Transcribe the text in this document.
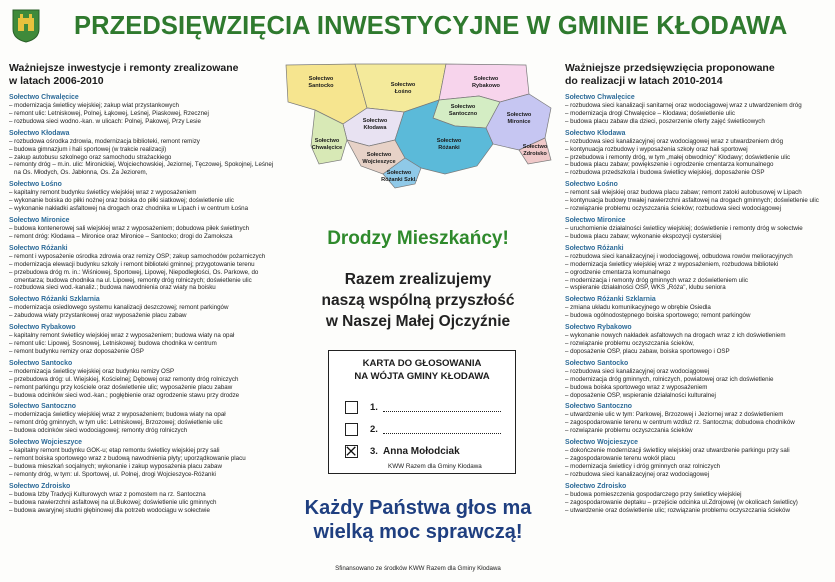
PRZEDSIĘWZIĘCIA INWESTYCYJNE W GMINIE KŁODAWA
Ważniejsze inwestycje i remonty zrealizowane
w latach 2006-2010
Sołectwo Chwalęcice
– modernizacja świetlicy wiejskiej; zakup wiat przystankowych
– remont ulic: Letniskowej, Polnej, Łąkowej, Leśnej, Piaskowej, Rzecznej
– rozbudowa sieci wodno.-kan. w ulicach: Polnej, Pakowej, Przy Lesie
Sołectwo Kłodawa
– rozbudowa ośrodka zdrowia, modernizacja biblioteki, remont remizy
– budowa gimnazjum i hali sportowej (w trakcie realizacji)
– zakup autobusu szkolnego oraz samochodu strażackiego
– remonty dróg – m.in. ulic: Mironickiej, Wojciechowskiej, Jeziornej, Tęczowej, Spokojnej, Leśnej na Os. Młodych, Os. Jabłonna, Os. Za Jeziorem,
Sołectwo Łośno
– kapitalny remont budynku świetlicy wiejskiej wraz z wyposażeniem
– wykonanie boiska do piłki nożnej oraz boiska do piłki siatkowej; doświetlenie ulic
– wykonanie nakładki asfaltowej na drogach oraz chodnika w Lipach i w centrum Łośna
Sołectwo Mironice
– budowa kontenerowej sali wiejskiej wraz z wyposażeniem; dobudowa piłek świetlnych
– remont dróg: Kłodawa – Mironice oraz Mironice – Santocko; drogi do Zamoksza
Sołectwo Różanki
– remont i wyposażenie ośrodka zdrowia oraz remizy OSP; zakup samochodów pożarniczych
– modernizacja elewacji budynku szkoły i remont biblioteki gminnej; przygotowanie terenu
– przebudowa dróg m. in.: Wiśniowej, Sportowej, Lipowej, Niepodległości, Os. Parkowe, do cmentarza; budowa chodnika na ul. Lipowej, remonty dróg rolniczych; doświetlenie ulic
– rozbudowa sieci wod.-kanaliz.; budowa nawodnienia oraz wiaty na boisku
Sołectwo Różanki Szklarnia
– modernizacja osiedlowego systemu kanalizacji deszczowej; remont parkingów
– zabudowa wiaty przystankowej oraz wyposażenie placu zabaw
Sołectwo Rybakowo
– kapitalny remont świetlicy wiejskiej wraz z wyposażeniem; budowa wiaty na opał
– remont ulic: Lipowej, Sosnowej, Letniskowej; budowa chodnika w centrum
– remont budynku remizy oraz doposażenie OSP
Sołectwo Santocko
– modernizacja świetlicy wiejskiej oraz budynku remizy OSP
– przebudowa dróg: ul. Wiejskiej, Kościelnej; Dębowej oraz remonty dróg rolniczych
– remont parkingu przy kościele oraz doświetlenie ulic; wyposażenie placu zabaw
– budowa odcinków sieci wod.-kan.; pogłębienie oraz ogrodzenie stawu przy drodze
Sołectwo Santoczno
– modernizacja świetlicy wiejskiej wraz z wyposażeniem; budowa wiaty na opał
– remont dróg gminnych, w tym ulic: Letniskowej, Brzozowej; doświetlenie ulic
– budowa odcinków sieci wodociągowej; remonty dróg rolniczych
Sołectwo Wojcieszyce
– kapitalny remont budynku GOK-u; etap remontu świetlicy wiejskiej przy sali
– remont boiska sportowego wraz z budową nawodnienia płyty; uporządkowanie placu
– budowa mieszkań socjalnych; wykonanie i zakup wyposażenia placu zabaw
– remonty dróg, w tym: ul. Sportowej, ul. Polnej, drogi Wojcieszyce-Różanki
Sołectwo Zdroisko
– budowa Izby Tradycji Kulturowych wraz z pomostem na rz. Santoczna
– budowa nawierzchni asfaltowej na ul.Bukowej; doświetlenie ulic gminnych
– budowa awaryjnej studni głębinowej dla potrzeb wodociągu w sołectwie
Sołectwo
Santocko	Sołectwo
Łośno
Sołectwo
Rybakowo
Sołectwo
Santoczno
Sołectwo
Kłodawa
Sołectwo
Mironice
Sołectwo
Zdroisko
Sołectwo
Chwalęcice
Sołectwo
Wojcieszyce
Sołectwo
Różanki
Sołectwo
Różanki Szkl.
Drodzy Mieszkańcy!
Razem zrealizujemy
naszą wspólną przyszłość
w Naszej Małej Ojczyźnie
KARTA DO GŁOSOWANIA
NA WÓJTA GMINY KŁODAWA
1.
2.
3. Anna Mołodciak
KWW Razem dla Gminy Kłodawa
Każdy Państwa głos ma
wielką moc sprawczą!
Sfinansowano ze środków KWW Razem dla Gminy Kłodawa
Ważniejsze przedsięwzięcia proponowane
do realizacji w latach 2010-2014
Sołectwo Chwalęcice
– rozbudowa sieci kanalizacji sanitarnej oraz wodociągowej wraz z utwardzeniem dróg
– modernizacja drogi Chwalęcice – Kłodawa; doświetlenie ulic
– budowa placu zabaw dla dzieci, poszerzenie oferty zajęć świetlicowych
Sołectwo Kłodawa
– rozbudowa sieci kanalizacyjnej oraz wodociągowej wraz z utwardzeniem dróg
– kontynuacja rozbudowy i wyposażenia szkoły oraz hali sportowej
– przebudowa i remonty dróg, w tym „małej obwodnicy" Kłodawy; doświetlenie ulic
– budowa placu zabaw; powiększenie i ogrodzenie cmentarza komunalnego
– rozbudowa przedszkola i budowa świetlicy wiejskiej, doposażenie OSP
Sołectwo Łośno
– remont sali wiejskiej oraz budowa placu zabaw; remont zatoki autobusowej w Lipach
– kontynuacja budowy trwałej nawierzchni asfaltowej na drogach gminnych; doświetlenie ulic
– rozwiązanie problemu oczyszczania ścieków; rozbudowa sieci wodociągowej
Sołectwo Mironice
– uruchomienie działalności świetlicy wiejskiej; doświetlenie i remonty dróg w sołectwie
– budowa placu zabaw; wykonanie ekspozycji cysterskiej
Sołectwo Różanki
– rozbudowa sieci kanalizacyjnej i wodociągowej, odbudowa rowów melioracyjnych
– modernizacja świetlicy wiejskiej wraz z wyposażeniem, rozbudowa biblioteki
– ogrodzenie cmentarza komunalnego
– modernizacja i remonty dróg gminnych wraz z doświetleniem ulic
– wspieranie działalności OSP, WKS „Róża", klubu seniora
Sołectwo Różanki Szklarnia
– zmiana układu komunikacyjnego w obrębie Osiedla
– budowa ogólnodostępnego boiska sportowego; remont parkingów
Sołectwo Rybakowo
– wykonanie nowych nakładek asfaltowych na drogach wraz z ich doświetleniem
– rozwiązanie problemu oczyszczania ścieków,
– doposażenie OSP, placu zabaw, boiska sportowego i OSP
Sołectwo Santocko
– rozbudowa sieci kanalizacyjnej oraz wodociągowej
– modernizacja dróg gminnych, rolniczych, powiatowej oraz ich doświetlenie
– budowa boiska sportowego wraz z wyposażeniem
– doposażenie OSP, wspieranie działalności kulturalnej
Sołectwo Santoczno
– utwardzenie ulic w tym: Parkowej, Brzozowej i Jeziornej wraz z doświetleniem
– zagospodarowanie terenu w centrum wzdłuż rz. Santoczna; dobudowa chodników
– rozwiązanie problemu oczyszczania ścieków
Sołectwo Wojcieszyce
– dokończenie modernizacji świetlicy wiejskiej oraz utwardzenie parkingu przy sali
– zagospodarowanie terenu wokół placu
– modernizacja świetlicy i dróg gminnych oraz rolniczych
– rozbudowa sieci kanalizacyjnej oraz wodociągowej
Sołectwo Zdroisko
– budowa pomieszczenia gospodarczego przy świetlicy wiejskiej
– zagospodarowanie deptaku – przejście odcinka ul.Zdrojowej (w okolicach świetlicy)
– utwardzenie oraz doświetlenie ulic; rozwiązanie problemu oczyszczania ścieków
